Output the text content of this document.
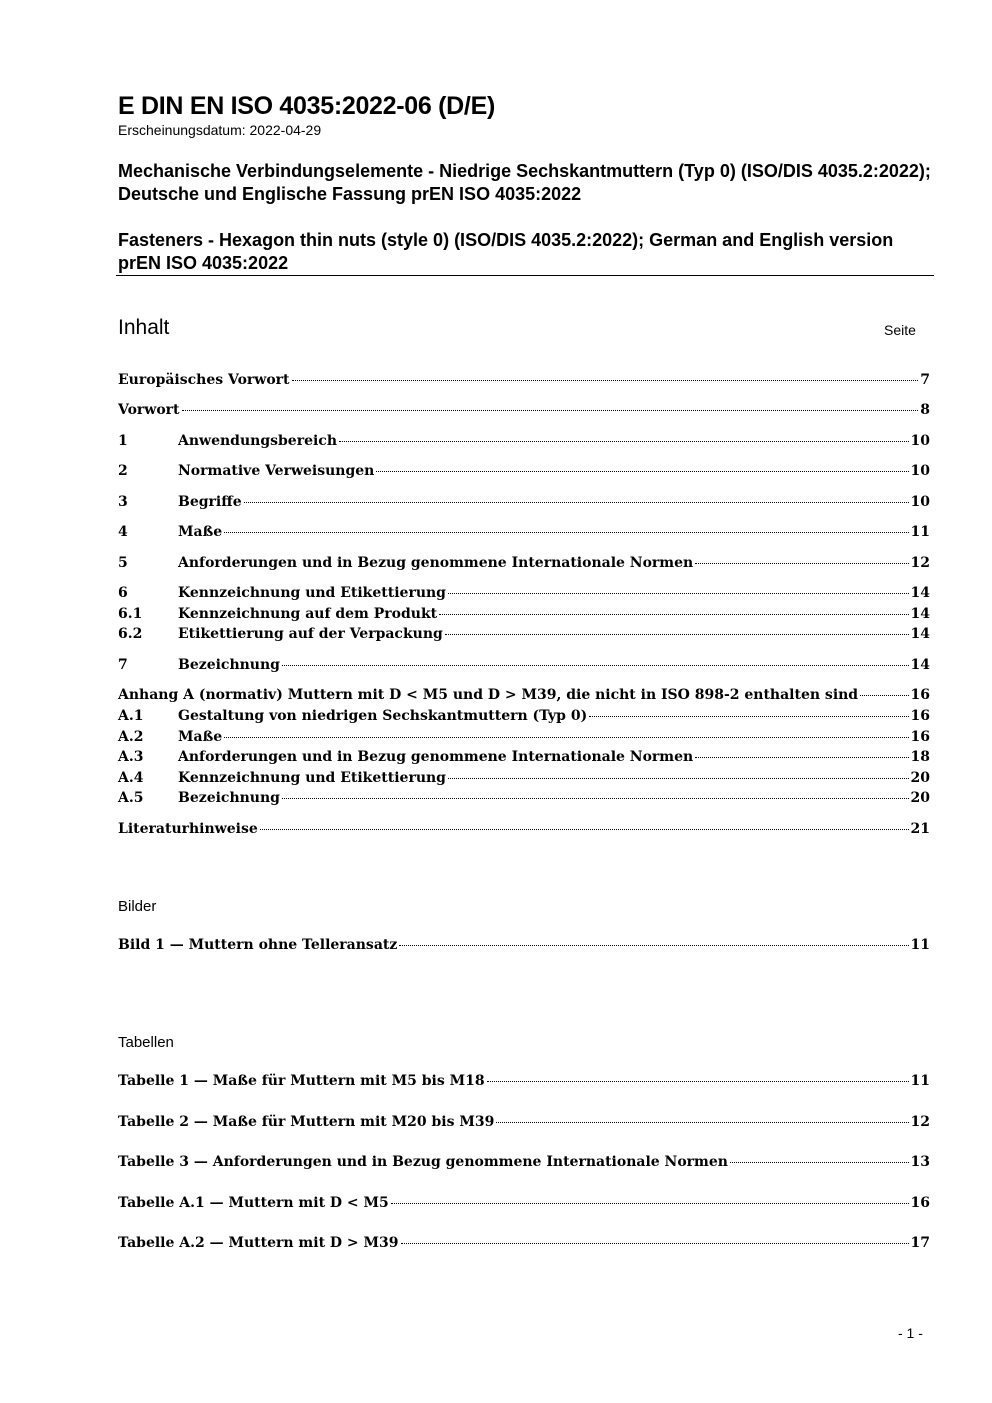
E DIN EN ISO 4035:2022-06 (D/E)
Erscheinungsdatum: 2022-04-29
Mechanische Verbindungselemente - Niedrige Sechskantmuttern (Typ 0) (ISO/DIS 4035.2:2022); Deutsche und Englische Fassung prEN ISO 4035:2022
Fasteners - Hexagon thin nuts (style 0) (ISO/DIS 4035.2:2022); German and English version prEN ISO 4035:2022
Inhalt	Seite
Europäisches Vorwort	7
Vorwort	8
1	Anwendungsbereich	10
2	Normative Verweisungen	10
3	Begriffe	10
4	Maße	11
5	Anforderungen und in Bezug genommene Internationale Normen	12
6	Kennzeichnung und Etikettierung	14
6.1	Kennzeichnung auf dem Produkt	14
6.2	Etikettierung auf der Verpackung	14
7	Bezeichnung	14
Anhang A (normativ) Muttern mit D < M5 und D > M39, die nicht in ISO 898-2 enthalten sind	16
A.1	Gestaltung von niedrigen Sechskantmuttern (Typ 0)	16
A.2	Maße	16
A.3	Anforderungen und in Bezug genommene Internationale Normen	18
A.4	Kennzeichnung und Etikettierung	20
A.5	Bezeichnung	20
Literaturhinweise	21
Bilder
Bild 1 — Muttern ohne Telleransatz	11
Tabellen
Tabelle 1 — Maße für Muttern mit M5 bis M18	11
Tabelle 2 — Maße für Muttern mit M20 bis M39	12
Tabelle 3 — Anforderungen und in Bezug genommene Internationale Normen	13
Tabelle A.1 — Muttern mit D < M5	16
Tabelle A.2 — Muttern mit D > M39	17
- 1 -
